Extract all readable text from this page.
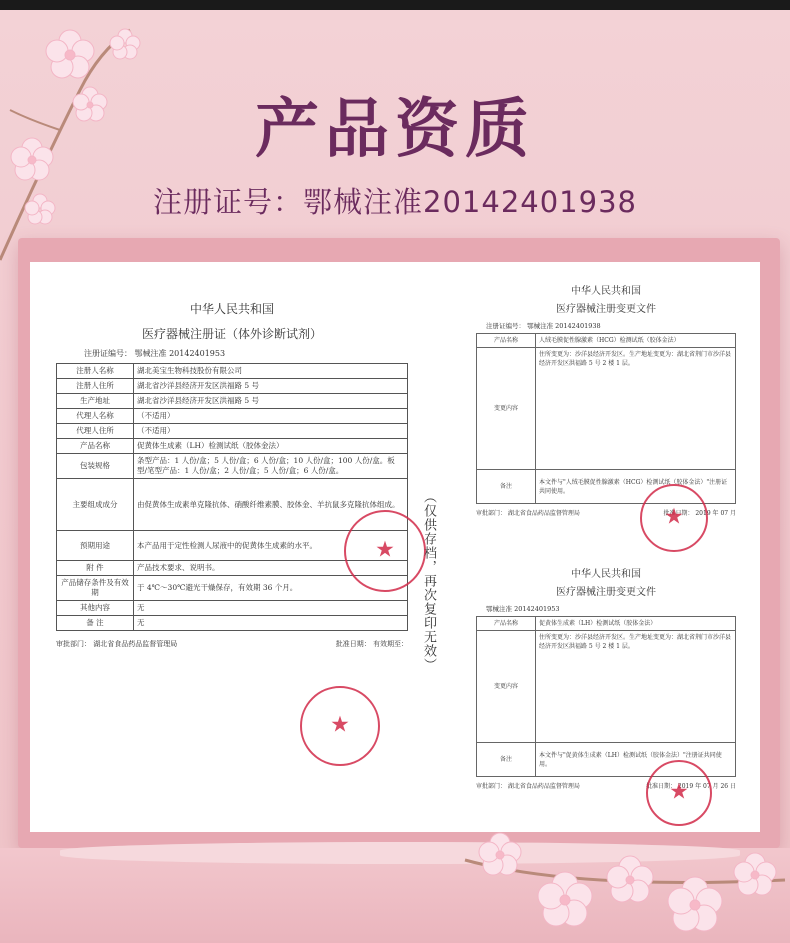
产品资质
注册证号：鄂械注准20142401938

中华人民共和国

医疗器械注册证（体外诊断试剂）

注册证编号： 鄂械注准 20142401953

注册人名称	湖北美宝生物科技股份有限公司
注册人住所	湖北省沙洋县经济开发区洪福路 5 号
生产地址	湖北省沙洋县经济开发区洪福路 5 号
代理人名称	（不适用）
代理人住所	（不适用）
产品名称	促黄体生成素（LH）检测试纸（胶体金法）
包装规格	条型产品：1 人份/盒；5 人份/盒；6 人份/盒；10 人份/盒；100 人份/盒。板型/笔型产品：1 人份/盒；2 人份/盒；5 人份/盒；6 人份/盒。
主要组成成分	由促黄体生成素单克隆抗体、硝酸纤维素膜、胶体金、羊抗鼠多克隆抗体组成。
预期用途	本产品用于定性检测人尿液中的促黄体生成素的水平。
附 件	产品技术要求、说明书。
产品储存条件及有效期	于 4℃～30℃避光干燥保存，有效期 36 个月。
其他内容	无
备 注	无
审批部门： 湖北省食品药品监督管理局	批准日期： 有效期至：
★
★
（仅供存档，再次复印无效）

中华人民共和国

医疗器械注册变更文件

注册证编号： 鄂械注准 20142401938

产品名称	人绒毛膜促性腺激素（HCG）检测试纸（胶体金法）
变更内容	住所变更为：沙洋县经济开发区。生产地址变更为：湖北省荆门市沙洋县经济开发区洪福路 5 号 2 楼 1 层。
备注	本文件与"人绒毛膜促性腺激素（HCG）检测试纸（胶体金法）"注册证共同使用。
审批部门： 湖北省食品药品监督管理局	批准日期： 2019 年 07 月
★

中华人民共和国

医疗器械注册变更文件

鄂械注准 20142401953

产品名称	促黄体生成素（LH）检测试纸（胶体金法）
变更内容	住所变更为：沙洋县经济开发区。生产地址变更为：湖北省荆门市沙洋县经济开发区洪福路 5 号 2 楼 1 层。
备注	本文件与"促黄体生成素（LH）检测试纸（胶体金法）"注册证共同使用。
审批部门： 湖北省食品药品监督管理局	批准日期： 2019 年 07 月 26 日
★
